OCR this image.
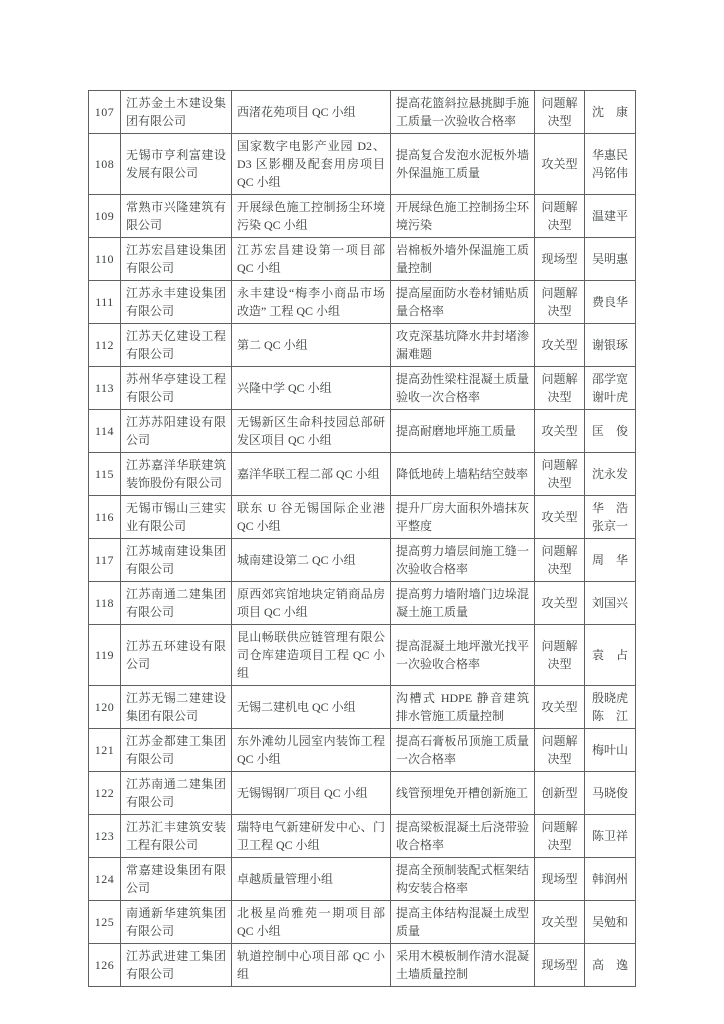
107	江苏金土木建设集团有限公司	西渚花苑项目 QC 小组	提高花篮斜拉悬挑脚手施工质量一次验收合格率	问题解决型	沈　康
108	无锡市亨利富建设发展有限公司	国家数字电影产业园 D2、D3 区影棚及配套用房项目 QC 小组	提高复合发泡水泥板外墙外保温施工质量	攻关型	华惠民
冯铭伟
109	常熟市兴隆建筑有限公司	开展绿色施工控制扬尘环境污染 QC 小组	开展绿色施工控制扬尘环境污染	问题解决型	温建平
110	江苏宏昌建设集团有限公司	江苏宏昌建设第一项目部 QC 小组	岩棉板外墙外保温施工质量控制	现场型	吴明惠
111	江苏永丰建设集团有限公司	永丰建设“梅李小商品市场改造” 工程 QC 小组	提高屋面防水卷材铺贴质量合格率	问题解决型	费良华
112	江苏天亿建设工程有限公司	第二 QC 小组	攻克深基坑降水井封堵渗漏难题	攻关型	谢银琢
113	苏州华亭建设工程有限公司	兴隆中学 QC 小组	提高劲性梁柱混凝土质量验收一次合格率	问题解决型	邵学宽
谢叶虎
114	江苏苏阳建设有限公司	无锡新区生命科技园总部研发区项目 QC 小组	提高耐磨地坪施工质量	攻关型	匡　俊
115	江苏嘉洋华联建筑装饰股份有限公司	嘉洋华联工程二部 QC 小组	降低地砖上墙粘结空鼓率	问题解决型	沈永发
116	无锡市锡山三建实业有限公司	联东 U 谷无锡国际企业港 QC 小组	提升厂房大面积外墙抹灰平整度	攻关型	华　浩
张京一
117	江苏城南建设集团有限公司	城南建设第二 QC 小组	提高剪力墙层间施工缝一次验收合格率	问题解决型	周　华
118	江苏南通二建集团有限公司	原西郊宾馆地块定销商品房项目 QC 小组	提高剪力墙附墙门边垛混凝土施工质量	攻关型	刘国兴
119	江苏五环建设有限公司	昆山畅联供应链管理有限公司仓库建造项目工程 QC 小组	提高混凝土地坪激光找平一次验收合格率	问题解决型	袁　占
120	江苏无锡二建建设集团有限公司	无锡二建机电 QC 小组	沟槽式 HDPE 静音建筑排水管施工质量控制	攻关型	殷晓虎
陈　江
121	江苏金都建工集团有限公司	东外滩幼儿园室内装饰工程 QC 小组	提高石膏板吊顶施工质量一次合格率	问题解决型	梅叶山
122	江苏南通二建集团有限公司	无锡锡钢厂项目 QC 小组	线管预埋免开槽创新施工	创新型	马晓俊
123	江苏汇丰建筑安装工程有限公司	瑞特电气新建研发中心、门卫工程 QC 小组	提高梁板混凝土后浇带验收合格率	问题解决型	陈卫祥
124	常嘉建设集团有限公司	卓越质量管理小组	提高全预制装配式框架结构安装合格率	现场型	韩润州
125	南通新华建筑集团有限公司	北极星尚雅苑一期项目部 QC 小组	提高主体结构混凝土成型质量	攻关型	吴勉和
126	江苏武进建工集团有限公司	轨道控制中心项目部 QC 小组	采用木模板制作清水混凝土墙质量控制	现场型	高　逸
